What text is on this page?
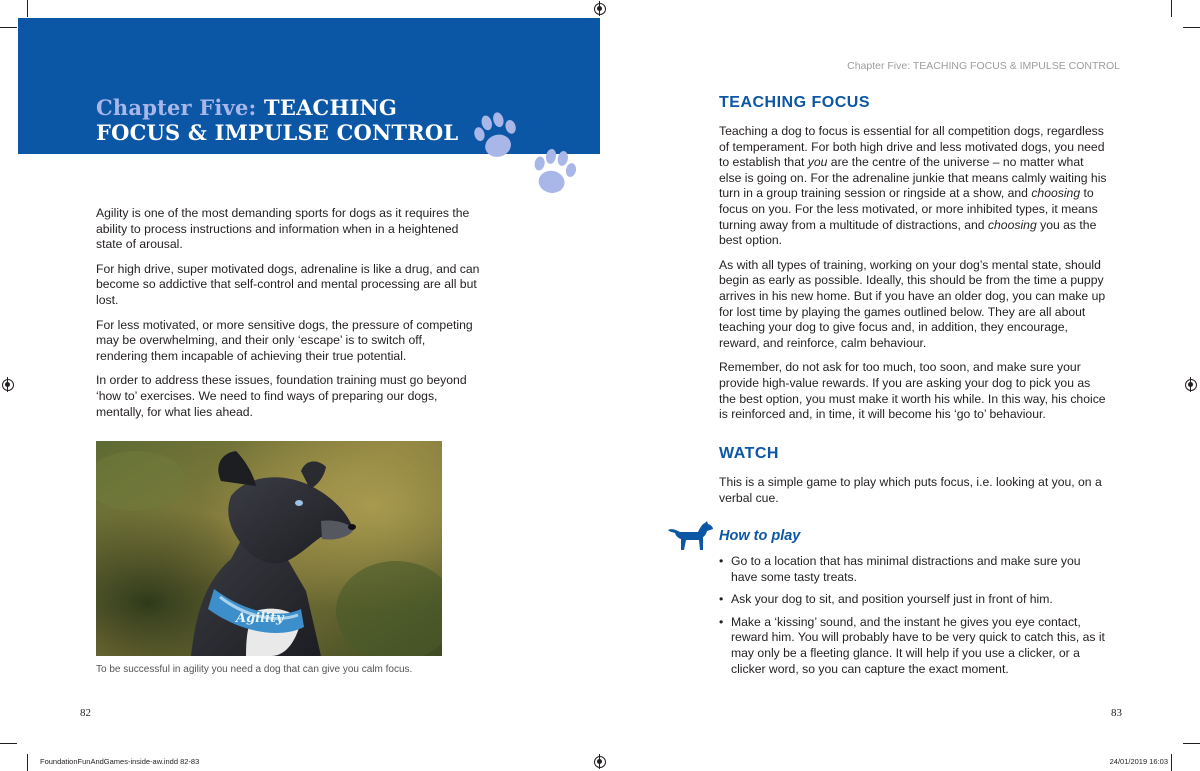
Chapter Five: TEACHING
FOCUS & IMPULSE CONTROL

Agility is one of the most demanding sports for dogs as it requires the ability to process instructions and information when in a heightened state of arousal.

For high drive, super motivated dogs, adrenaline is like a drug, and can become so addictive that self-control and mental processing are all but lost.

For less motivated, or more sensitive dogs, the pressure of competing may be overwhelming, and their only ‘escape’ is to switch off, rendering them incapable of achieving their true potential.

In order to address these issues, foundation training must go beyond ‘how to’ exercises. We need to find ways of preparing our dogs, mentally, for what lies ahead.

Agility
To be successful in agility you need a dog that can give you calm focus.
82
Chapter Five: TEACHING FOCUS & IMPULSE CONTROL
TEACHING FOCUS

Teaching a dog to focus is essential for all competition dogs, regardless of temperament. For both high drive and less motivated dogs, you need to establish that you are the centre of the universe – no matter what else is going on. For the adrenaline junkie that means calmly waiting his turn in a group training session or ringside at a show, and choosing to focus on you. For the less motivated, or more inhibited types, it means turning away from a multitude of distractions, and choosing you as the best option.

As with all types of training, working on your dog’s mental state, should begin as early as possible. Ideally, this should be from the time a puppy arrives in his new home. But if you have an older dog, you can make up for lost time by playing the games outlined below. They are all about teaching your dog to give focus and, in addition, they encourage, reward, and reinforce, calm behaviour.

Remember, do not ask for too much, too soon, and make sure your provide high-value rewards. If you are asking your dog to pick you as the best option, you must make it worth his while. In this way, his choice is reinforced and, in time, it will become his ‘go to’ behaviour.

WATCH

This is a simple game to play which puts focus, i.e. looking at you, on a verbal cue.

How to play
• Go to a location that has minimal distractions and make sure you have some tasty treats.
• Ask your dog to sit, and position yourself just in front of him.
• Make a ‘kissing’ sound, and the instant he gives you eye contact, reward him. You will probably have to be very quick to catch this, as it may only be a fleeting glance. It will help if you use a clicker, or a clicker word, so you can capture the exact moment.
83
FoundationFunAndGames-inside-aw.indd 82-83	24/01/2019 16:03
